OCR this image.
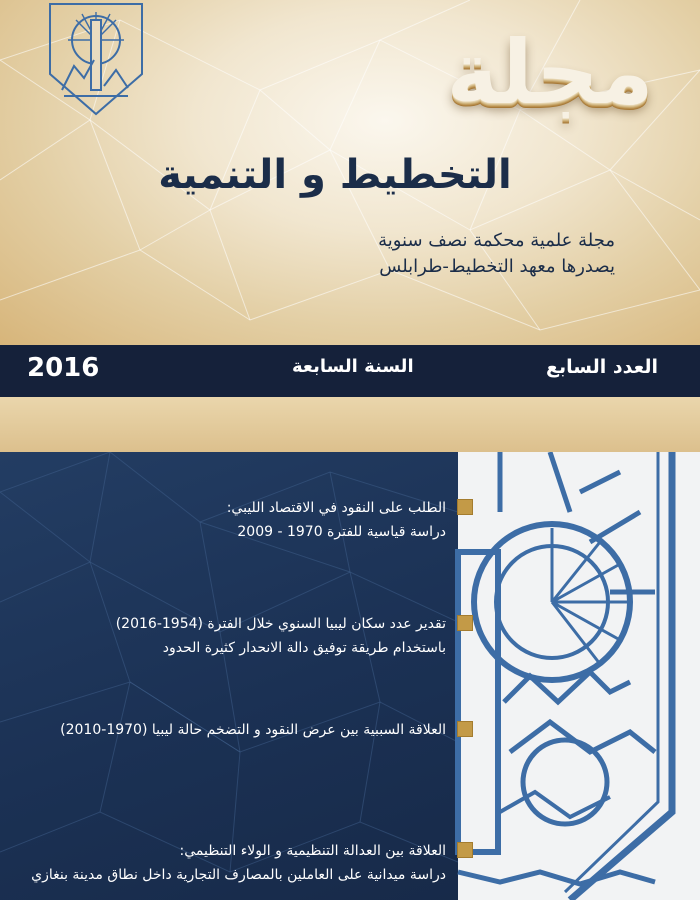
مجلة
التخطيط و التنمية
مجلة علمية محكمة نصف سنوية
يصدرها معهد التخطيط-طرابلس
العدد السابع
السنة السابعة
2016
الطلب على النقود في الاقتصاد الليبي:
دراسة قياسية للفترة 1970 - 2009
تقدير عدد سكان ليبيا السنوي خلال الفترة (1954-2016)
باستخدام طريقة توفيق دالة الانحدار كثيرة الحدود
العلاقة السببية بين عرض النقود و التضخم حالة ليبيا (1970-2010)
العلاقة بين العدالة التنظيمية و الولاء التنظيمي:
دراسة ميدانية على العاملين بالمصارف التجارية داخل نطاق مدينة بنغازي
